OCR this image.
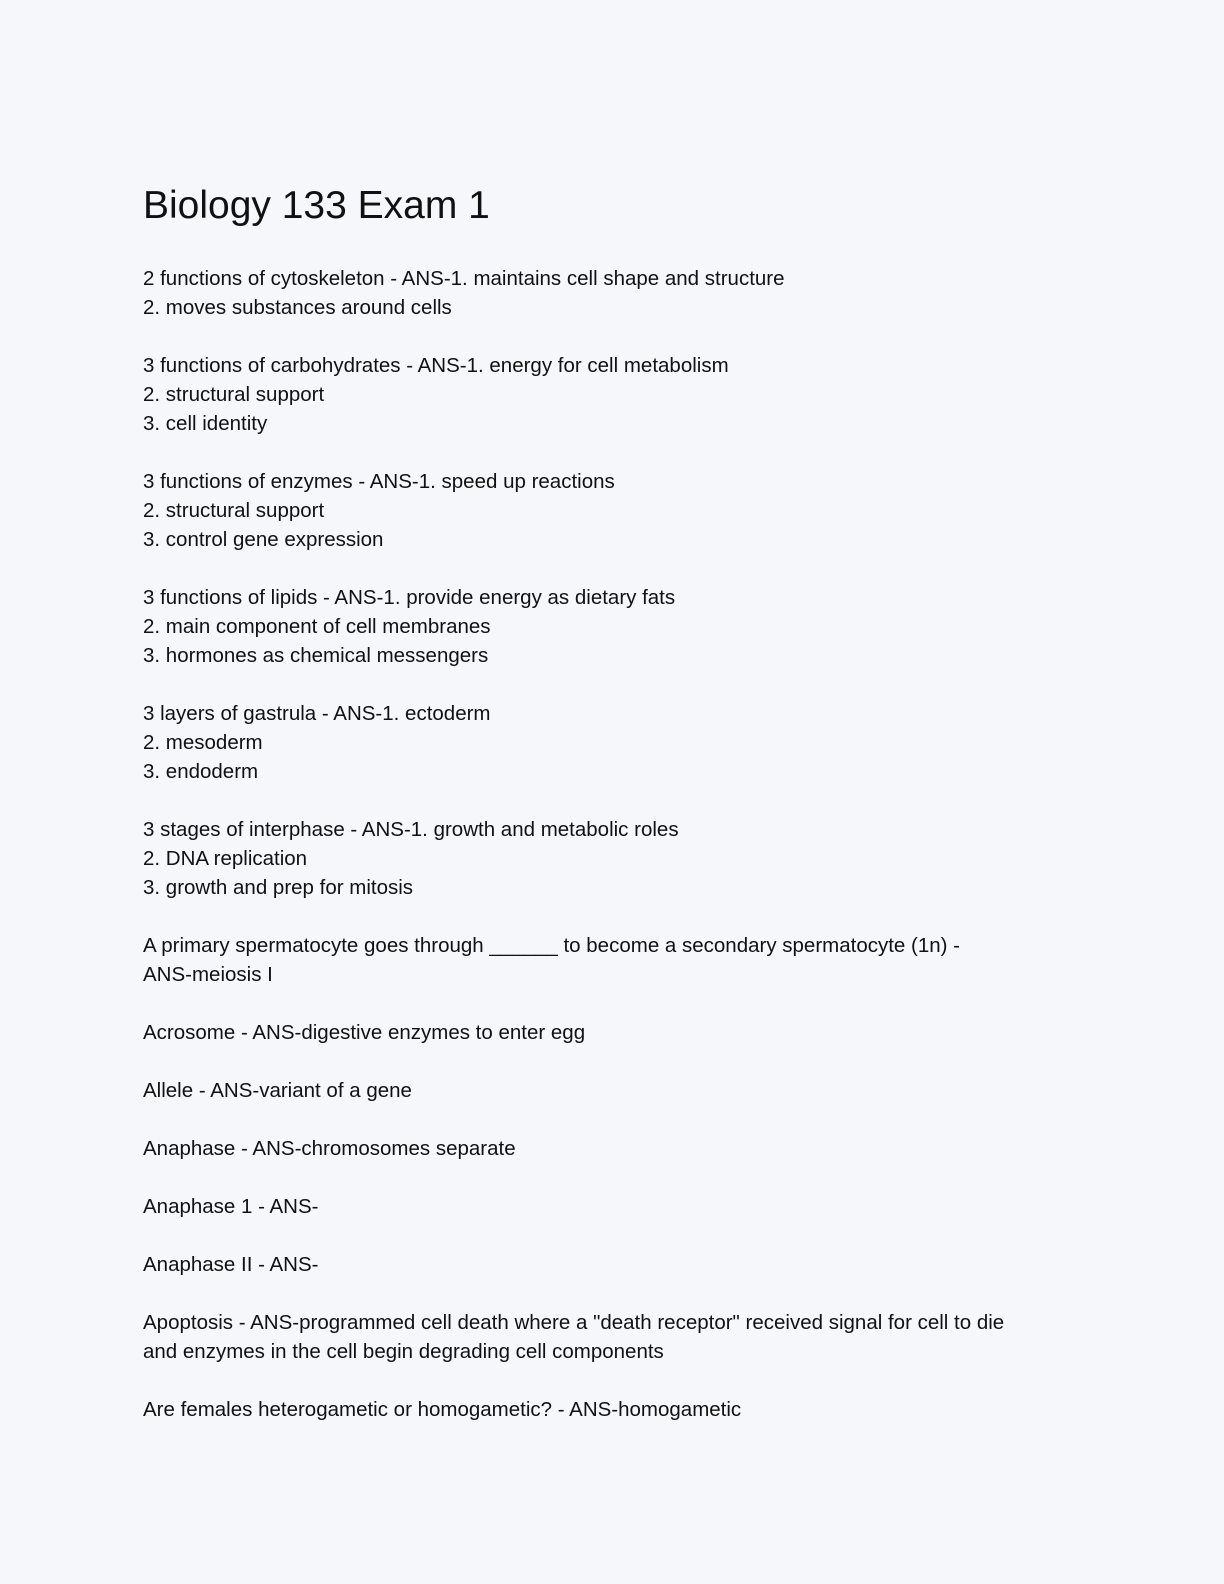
Biology 133 Exam 1
2 functions of cytoskeleton - ANS-1. maintains cell shape and structure
2. moves substances around cells
3 functions of carbohydrates - ANS-1. energy for cell metabolism
2. structural support
3. cell identity
3 functions of enzymes - ANS-1. speed up reactions
2. structural support
3. control gene expression
3 functions of lipids - ANS-1. provide energy as dietary fats
2. main component of cell membranes
3. hormones as chemical messengers
3 layers of gastrula - ANS-1. ectoderm
2. mesoderm
3. endoderm
3 stages of interphase - ANS-1. growth and metabolic roles
2. DNA replication
3. growth and prep for mitosis
A primary spermatocyte goes through ______ to become a secondary spermatocyte (1n) -
ANS-meiosis I
Acrosome - ANS-digestive enzymes to enter egg
Allele - ANS-variant of a gene
Anaphase - ANS-chromosomes separate
Anaphase 1 - ANS-
Anaphase II - ANS-
Apoptosis - ANS-programmed cell death where a "death receptor" received signal for cell to die
and enzymes in the cell begin degrading cell components
Are females heterogametic or homogametic? - ANS-homogametic
